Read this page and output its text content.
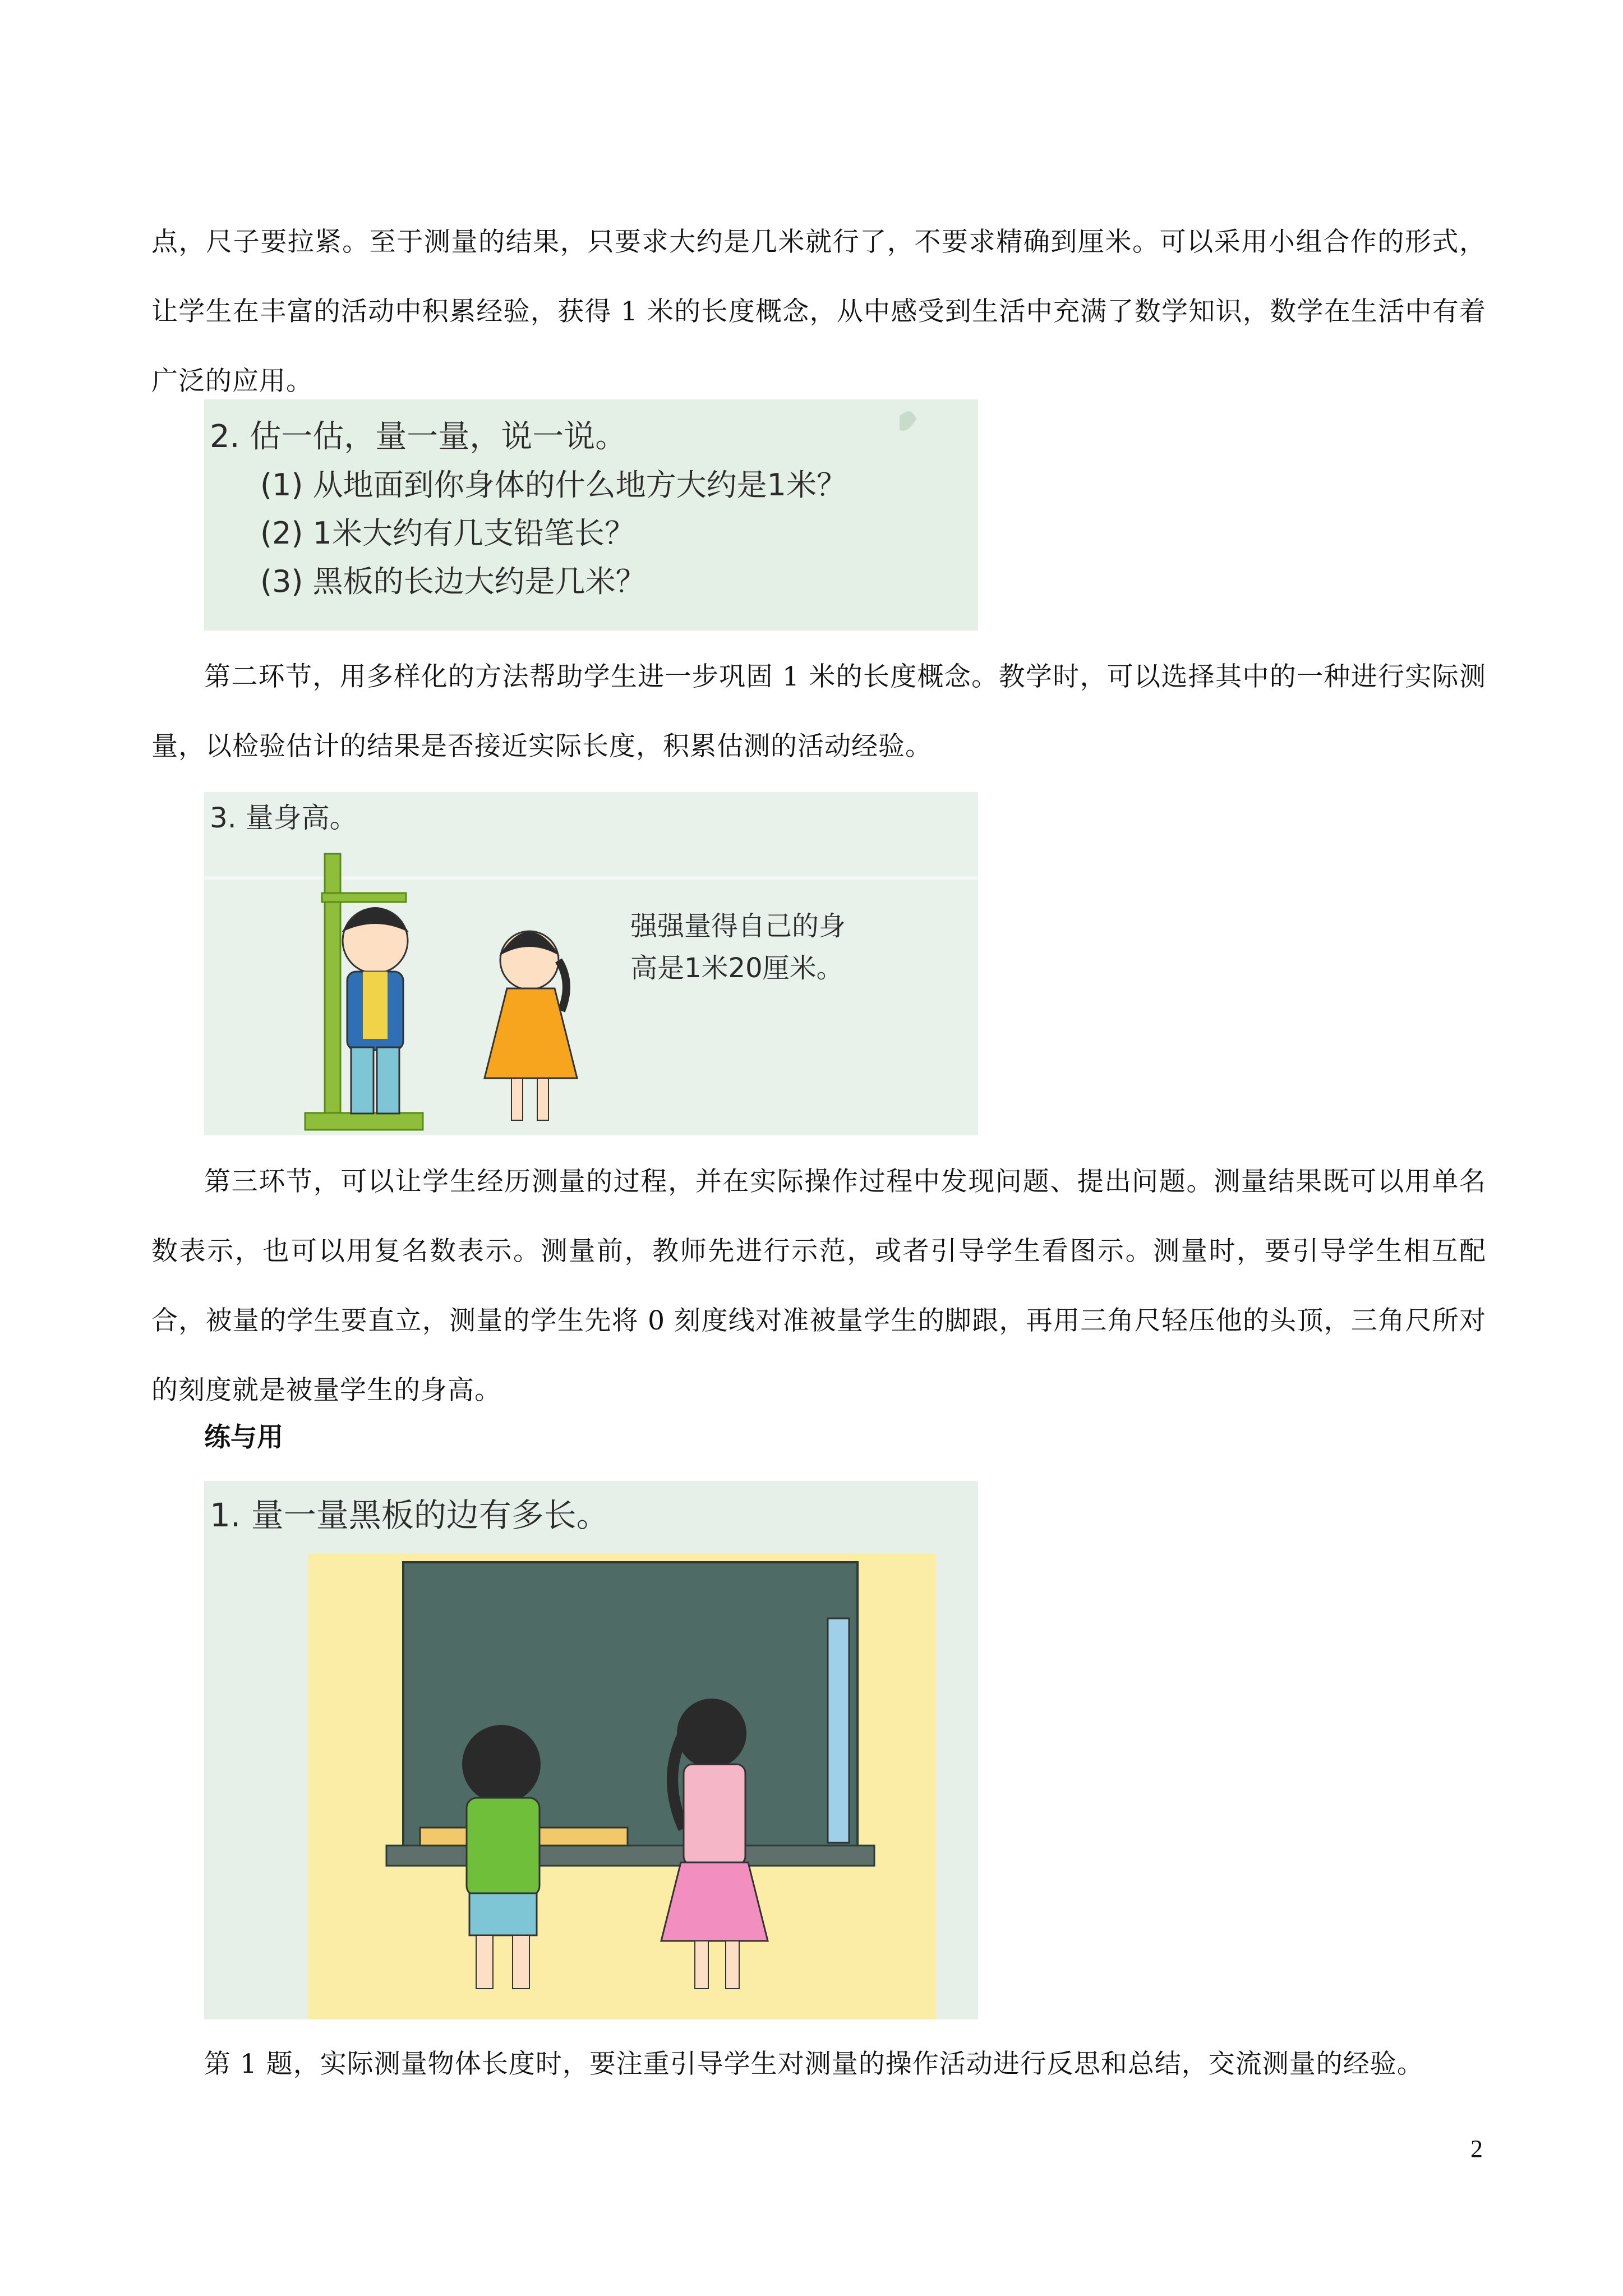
点，尺子要拉紧。至于测量的结果，只要求大约是几米就行了，不要求精确到厘米。可以采用小组合作的形式，让学生在丰富的活动中积累经验，获得 1 米的长度概念，从中感受到生活中充满了数学知识，数学在生活中有着广泛的应用。
2. 估一估，量一量，说一说。
(1) 从地面到你身体的什么地方大约是1米？
(2) 1米大约有几支铅笔长？
(3) 黑板的长边大约是几米？
第二环节，用多样化的方法帮助学生进一步巩固 1 米的长度概念。教学时，可以选择其中的一种进行实际测量，以检验估计的结果是否接近实际长度，积累估测的活动经验。
3. 量身高。
强强量得自己的身
高是1米20厘米。
第三环节，可以让学生经历测量的过程，并在实际操作过程中发现问题、提出问题。测量结果既可以用单名数表示，也可以用复名数表示。测量前，教师先进行示范，或者引导学生看图示。测量时，要引导学生相互配合，被量的学生要直立，测量的学生先将 0 刻度线对准被量学生的脚跟，再用三角尺轻压他的头顶，三角尺所对的刻度就是被量学生的身高。
练与用
1. 量一量黑板的边有多长。
第 1 题，实际测量物体长度时，要注重引导学生对测量的操作活动进行反思和总结，交流测量的经验。
2
